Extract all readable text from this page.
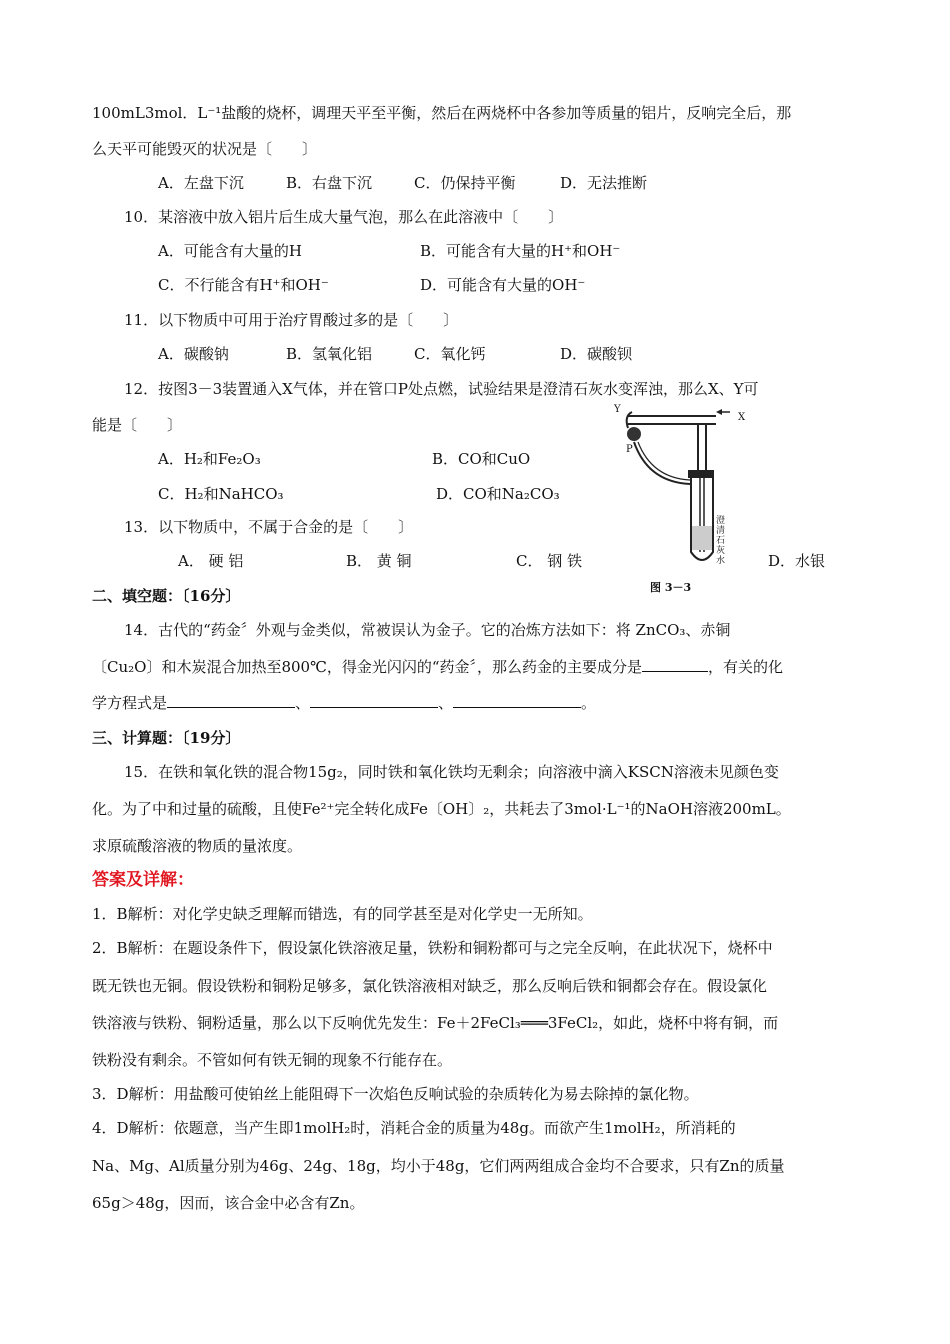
100mL3mol．L⁻¹盐酸的烧杯，调理天平至平衡，然后在两烧杯中各参加等质量的铝片，反响完全后，那
么天平可能毁灭的状况是〔　　〕
A．左盘下沉	B．右盘下沉	C．仍保持平衡	D．无法推断
10．某溶液中放入铝片后生成大量气泡，那么在此溶液中〔　　〕
A．可能含有大量的H	B．可能含有大量的H⁺和OH⁻
C．不行能含有H⁺和OH⁻	D．可能含有大量的OH⁻
11．以下物质中可用于治疗胃酸过多的是〔　　〕
A．碳酸钠	B．氢氧化铝	C．氧化钙	D．碳酸钡
12．按图3－3装置通入X气体，并在管口P处点燃，试验结果是澄清石灰水变浑浊，那么X、Y可
能是〔　　〕
A．H₂和Fe₂O₃	B．CO和CuO
C．H₂和NaHCO₃	D．CO和Na₂CO₃
13．以下物质中，不属于合金的是〔　　〕
A． 硬 铝	B． 黄 铜	C． 钢 铁	D．水银
Y
X
P
澄清石灰水
图 3－3
二、填空题：〔16分〕
14．古代的“药金〞外观与金类似，常被误认为金子。它的冶炼方法如下：将 ZnCO₃、赤铜
〔Cu₂O〕和木炭混合加热至800℃，得金光闪闪的“药金〞，那么药金的主要成分是	，有关的化
学方程式是	、	、	。
三、计算题：〔19分〕
15．在铁和氧化铁的混合物15g₂，同时铁和氧化铁均无剩余；向溶液中滴入KSCN溶液未见颜色变
化。为了中和过量的硫酸，且使Fe²⁺完全转化成Fe〔OH〕₂，共耗去了3mol·L⁻¹的NaOH溶液200mL。
求原硫酸溶液的物质的量浓度。
答案及详解：
1．B解析：对化学史缺乏理解而错选，有的同学甚至是对化学史一无所知。
2．B解析：在题设条件下，假设氯化铁溶液足量，铁粉和铜粉都可与之完全反响，在此状况下，烧杯中
既无铁也无铜。假设铁粉和铜粉足够多，氯化铁溶液相对缺乏，那么反响后铁和铜都会存在。假设氯化
铁溶液与铁粉、铜粉适量，那么以下反响优先发生：Fe＋2FeCl₃═══3FeCl₂，如此，烧杯中将有铜，而
铁粉没有剩余。不管如何有铁无铜的现象不行能存在。
3．D解析：用盐酸可使铂丝上能阻碍下一次焰色反响试验的杂质转化为易去除掉的氯化物。
4．D解析：依题意，当产生即1molH₂时，消耗合金的质量为48g。而欲产生1molH₂，所消耗的
Na、Mg、Al质量分别为46g、24g、18g，均小于48g，它们两两组成合金均不合要求，只有Zn的质量
65g＞48g，因而，该合金中必含有Zn。
